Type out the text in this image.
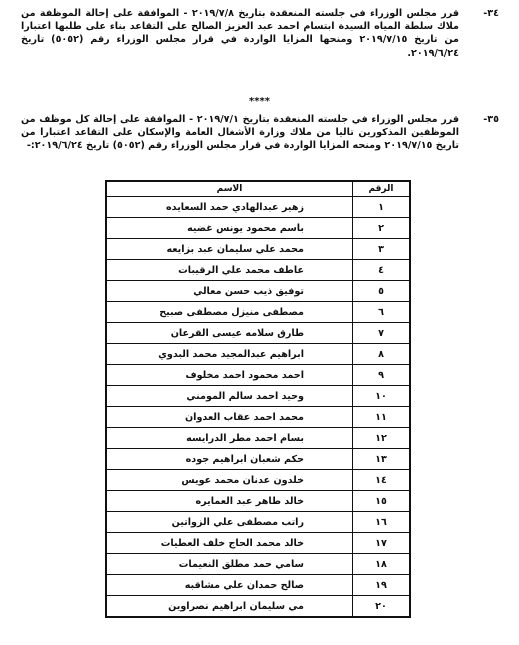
٣٤-
قرر مجلس الوزراء في جلسته المنعقدة بتاريخ ٢٠١٩/٧/٨ - الموافقة على إحالة الموظفة من ملاك سلطة المياه السيدة ابتسام احمد عبد العزيز الصالح على التقاعد بناء على طلبها اعتبارا من تاريخ ٢٠١٩/٧/١٥ ومنحها المزايا الواردة في قرار مجلس الوزراء رقم (٥٠٥٢) تاريخ ٢٠١٩/٦/٢٤.
****
٣٥-
قرر مجلس الوزراء في جلسته المنعقدة بتاريخ ٢٠١٩/٧/١ - الموافقة على إحالة كل موظف من الموظفين المذكورين تاليا من ملاك وزارة الأشغال العامة والإسكان على التقاعد اعتبارا من تاريخ ٢٠١٩/٧/١٥ ومنحه المزايا الواردة في قرار مجلس الوزراء رقم (٥٠٥٢) تاريخ ٢٠١٩/٦/٢٤:-
الرقم	الاسم
١	زهير عبدالهادي حمد السعايده
٢	باسم محمود يونس غضيه
٣	محمد علي سليمان عبد بزايعه
٤	عاطف محمد علي الرقيبات
٥	توفيق ذيب حسن معالي
٦	مصطفى منيزل مصطفى صبيح
٧	طارق سلامه عيسى القرعان
٨	ابراهيم عبدالمجيد محمد البدوي
٩	احمد محمود احمد مخلوف
١٠	وحيد احمد سالم المومني
١١	محمد احمد عقاب العدوان
١٢	بسام احمد مطر الدرايسه
١٣	حكم شعبان ابراهيم جوده
١٤	خلدون عدنان محمد عويس
١٥	خالد طاهر عبد العمايره
١٦	راتب مصطفى علي الزواتين
١٧	خالد محمد الحاج خلف العطيات
١٨	سامي حمد مطلق النعيمات
١٩	صالح حمدان علي مشاقبه
٢٠	مي سليمان ابراهيم نصراوين
